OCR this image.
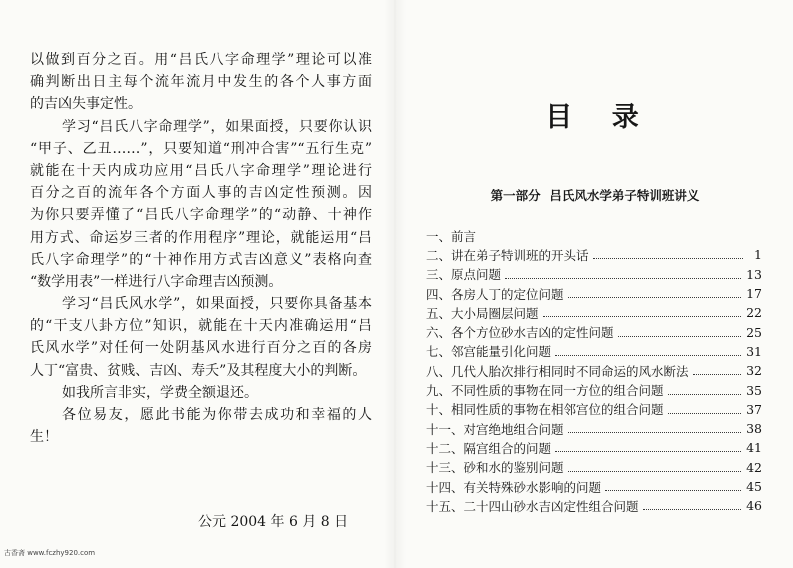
以做到百分之百。用“吕氏八字命理学”理论可以准
确判断出日主每个流年流月中发生的各个人事方面
的吉凶失事定性。
学习“吕氏八字命理学”，如果面授，只要你认识
“甲子、乙丑……”，只要知道“刑冲合害”“五行生克”
就能在十天内成功应用“吕氏八字命理学”理论进行
百分之百的流年各个方面人事的吉凶定性预测。因
为你只要弄懂了“吕氏八字命理学”的“动静、十神作
用方式、命运岁三者的作用程序”理论，就能运用“吕
氏八字命理学”的“十神作用方式吉凶意义”表格向查
“数学用表”一样进行八字命理吉凶预测。
学习“吕氏风水学”，如果面授，只要你具备基本
的“干支八卦方位”知识，就能在十天内准确运用“吕
氏风水学”对任何一处阴基风水进行百分之百的各房
人丁“富贵、贫贱、吉凶、寿夭”及其程度大小的判断。
如我所言非实，学费全额退还。
各位易友，愿此书能为你带去成功和幸福的人
生！
公元 2004 年 6 月 8 日
目 录
第一部分  吕氏风水学弟子特训班讲义
一、前言
二、讲在弟子特训班的开头话	1
三、原点问题	13
四、各房人丁的定位问题	17
五、大小局圈层问题	22
六、各个方位砂水吉凶的定性问题	25
七、邻宫能量引化问题	31
八、几代人胎次排行相同时不同命运的风水断法	32
九、不同性质的事物在同一方位的组合问题	35
十、相同性质的事物在相邻宫位的组合问题	37
十一、对宫绝地组合问题	38
十二、隔宫组合的问题	41
十三、砂和水的鉴别问题	42
十四、有关特殊砂水影响的问题	45
十五、二十四山砂水吉凶定性组合问题	46
古香斋 www.fczhy920.com
